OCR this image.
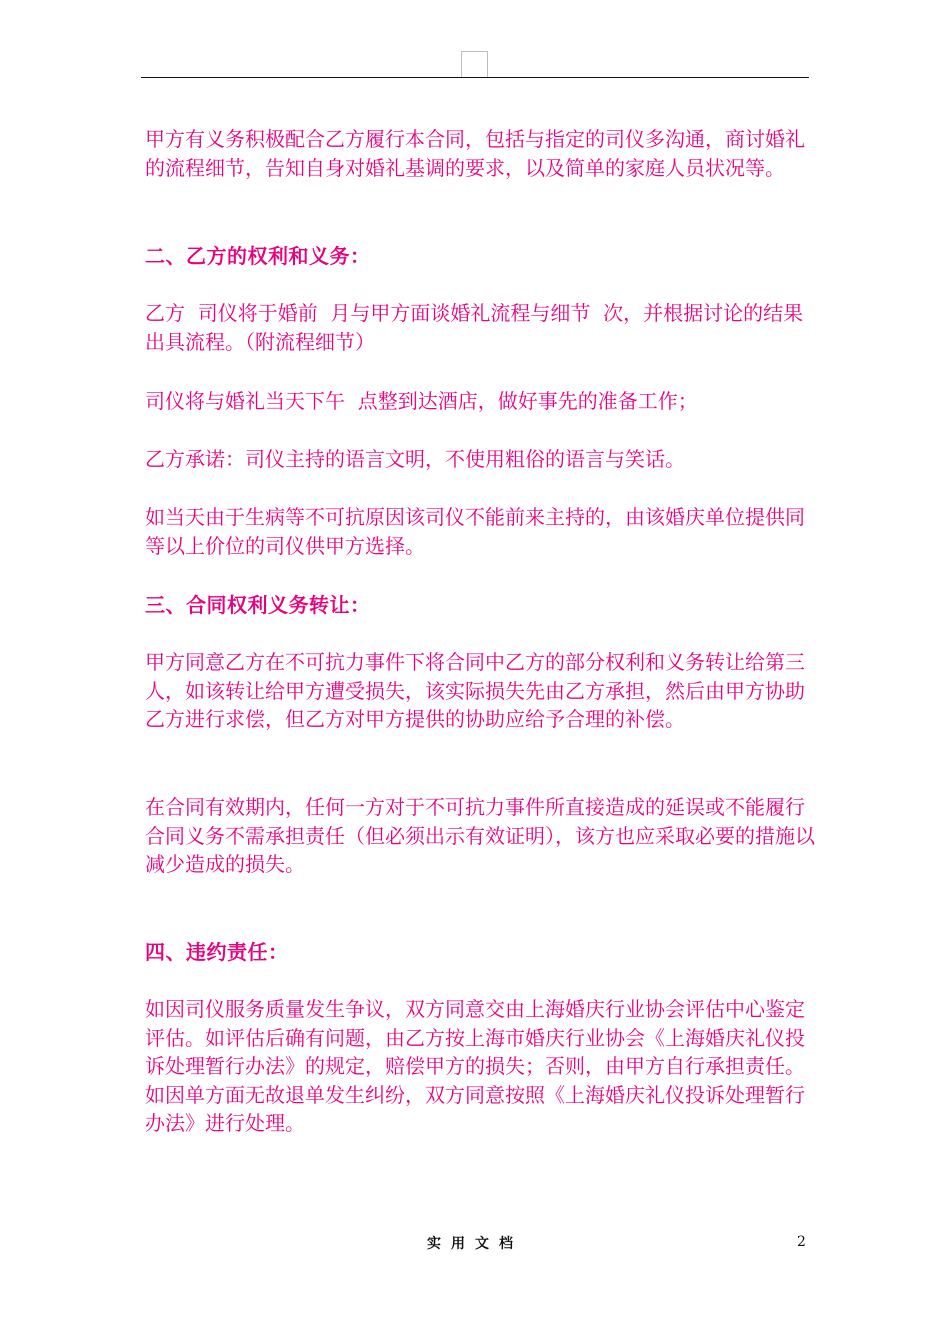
甲方有义务积极配合乙方履行本合同，包括与指定的司仪多沟通，商讨婚礼的流程细节，告知自身对婚礼基调的要求，以及简单的家庭人员状况等。

二、乙方的权利和义务：

乙方  司仪将于婚前  月与甲方面谈婚礼流程与细节  次，并根据讨论的结果出具流程。（附流程细节）

司仪将与婚礼当天下午  点整到达酒店，做好事先的准备工作；

乙方承诺：司仪主持的语言文明，不使用粗俗的语言与笑话。

如当天由于生病等不可抗原因该司仪不能前来主持的，由该婚庆单位提供同等以上价位的司仪供甲方选择。

三、合同权利义务转让：

甲方同意乙方在不可抗力事件下将合同中乙方的部分权利和义务转让给第三人，如该转让给甲方遭受损失，该实际损失先由乙方承担，然后由甲方协助乙方进行求偿，但乙方对甲方提供的协助应给予合理的补偿。

在合同有效期内，任何一方对于不可抗力事件所直接造成的延误或不能履行合同义务不需承担责任（但必须出示有效证明），该方也应采取必要的措施以减少造成的损失。

四、违约责任：

如因司仪服务质量发生争议，双方同意交由上海婚庆行业协会评估中心鉴定评估。如评估后确有问题，由乙方按上海市婚庆行业协会《上海婚庆礼仪投诉处理暂行办法》的规定，赔偿甲方的损失；否则，由甲方自行承担责任。如因单方面无故退单发生纠纷，双方同意按照《上海婚庆礼仪投诉处理暂行办法》进行处理。

实用文档	2
